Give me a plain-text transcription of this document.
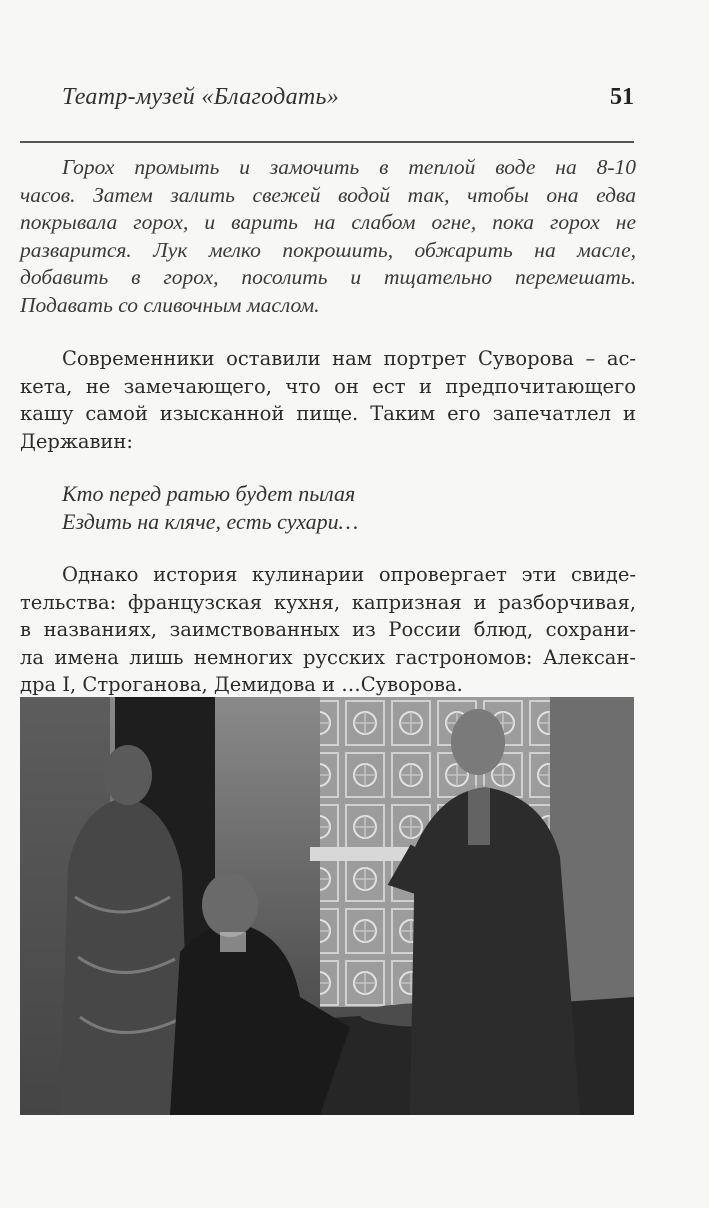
Театр-музей «Благодать»	51
Горох промыть и замочить в теплой воде на 8-10
часов. Затем залить свежей водой так, чтобы она едва
покрывала горох, и варить на слабом огне, пока горох не
разварится. Лук мелко покрошить, обжарить на масле,
добавить в горох, посолить и тщательно перемешать.
Подавать со сливочным маслом.
Современники оставили нам портрет Суворова – ас-
кета, не замечающего, что он ест и предпочитающего
кашу самой изысканной пище. Таким его запечатлел и
Державин:
Кто перед ратью будет пылая
Ездить на кляче, есть сухари…
Однако история кулинарии опровергает эти свиде-
тельства: французская кухня, капризная и разборчивая,
в названиях, заимствованных из России блюд, сохрани-
ла имена лишь немногих русских гастрономов: Алексан-
дра I, Строганова, Демидова и …Суворова.
